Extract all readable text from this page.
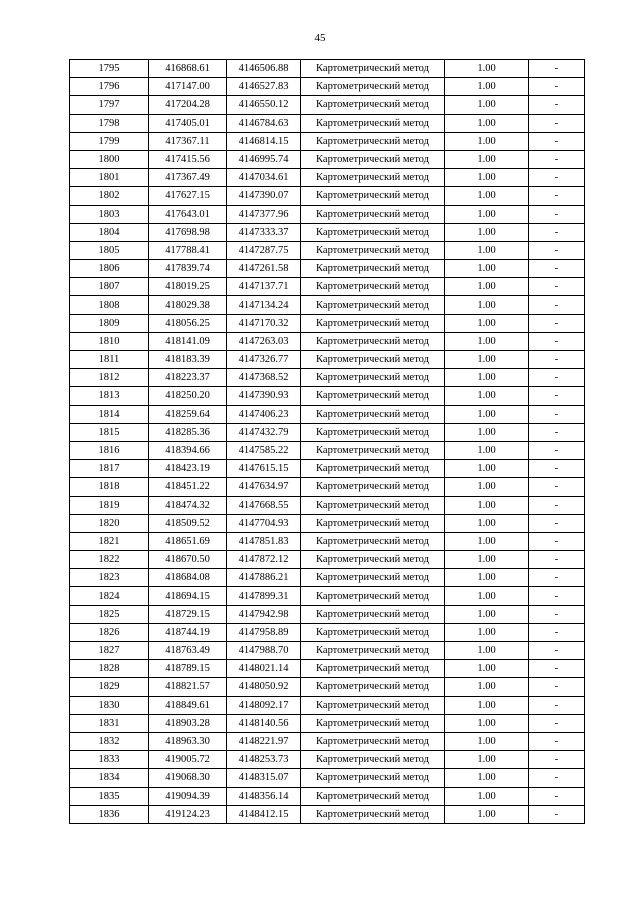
45
1795	416868.61	4146506.88	Картометрический метод	1.00	-
1796	417147.00	4146527.83	Картометрический метод	1.00	-
1797	417204.28	4146550.12	Картометрический метод	1.00	-
1798	417405.01	4146784.63	Картометрический метод	1.00	-
1799	417367.11	4146814.15	Картометрический метод	1.00	-
1800	417415.56	4146995.74	Картометрический метод	1.00	-
1801	417367.49	4147034.61	Картометрический метод	1.00	-
1802	417627.15	4147390.07	Картометрический метод	1.00	-
1803	417643.01	4147377.96	Картометрический метод	1.00	-
1804	417698.98	4147333.37	Картометрический метод	1.00	-
1805	417788.41	4147287.75	Картометрический метод	1.00	-
1806	417839.74	4147261.58	Картометрический метод	1.00	-
1807	418019.25	4147137.71	Картометрический метод	1.00	-
1808	418029.38	4147134.24	Картометрический метод	1.00	-
1809	418056.25	4147170.32	Картометрический метод	1.00	-
1810	418141.09	4147263.03	Картометрический метод	1.00	-
1811	418183.39	4147326.77	Картометрический метод	1.00	-
1812	418223.37	4147368.52	Картометрический метод	1.00	-
1813	418250.20	4147390.93	Картометрический метод	1.00	-
1814	418259.64	4147406.23	Картометрический метод	1.00	-
1815	418285.36	4147432.79	Картометрический метод	1.00	-
1816	418394.66	4147585.22	Картометрический метод	1.00	-
1817	418423.19	4147615.15	Картометрический метод	1.00	-
1818	418451.22	4147634.97	Картометрический метод	1.00	-
1819	418474.32	4147668.55	Картометрический метод	1.00	-
1820	418509.52	4147704.93	Картометрический метод	1.00	-
1821	418651.69	4147851.83	Картометрический метод	1.00	-
1822	418670.50	4147872.12	Картометрический метод	1.00	-
1823	418684.08	4147886.21	Картометрический метод	1.00	-
1824	418694.15	4147899.31	Картометрический метод	1.00	-
1825	418729.15	4147942.98	Картометрический метод	1.00	-
1826	418744.19	4147958.89	Картометрический метод	1.00	-
1827	418763.49	4147988.70	Картометрический метод	1.00	-
1828	418789.15	4148021.14	Картометрический метод	1.00	-
1829	418821.57	4148050.92	Картометрический метод	1.00	-
1830	418849.61	4148092.17	Картометрический метод	1.00	-
1831	418903.28	4148140.56	Картометрический метод	1.00	-
1832	418963.30	4148221.97	Картометрический метод	1.00	-
1833	419005.72	4148253.73	Картометрический метод	1.00	-
1834	419068.30	4148315.07	Картометрический метод	1.00	-
1835	419094.39	4148356.14	Картометрический метод	1.00	-
1836	419124.23	4148412.15	Картометрический метод	1.00	-
